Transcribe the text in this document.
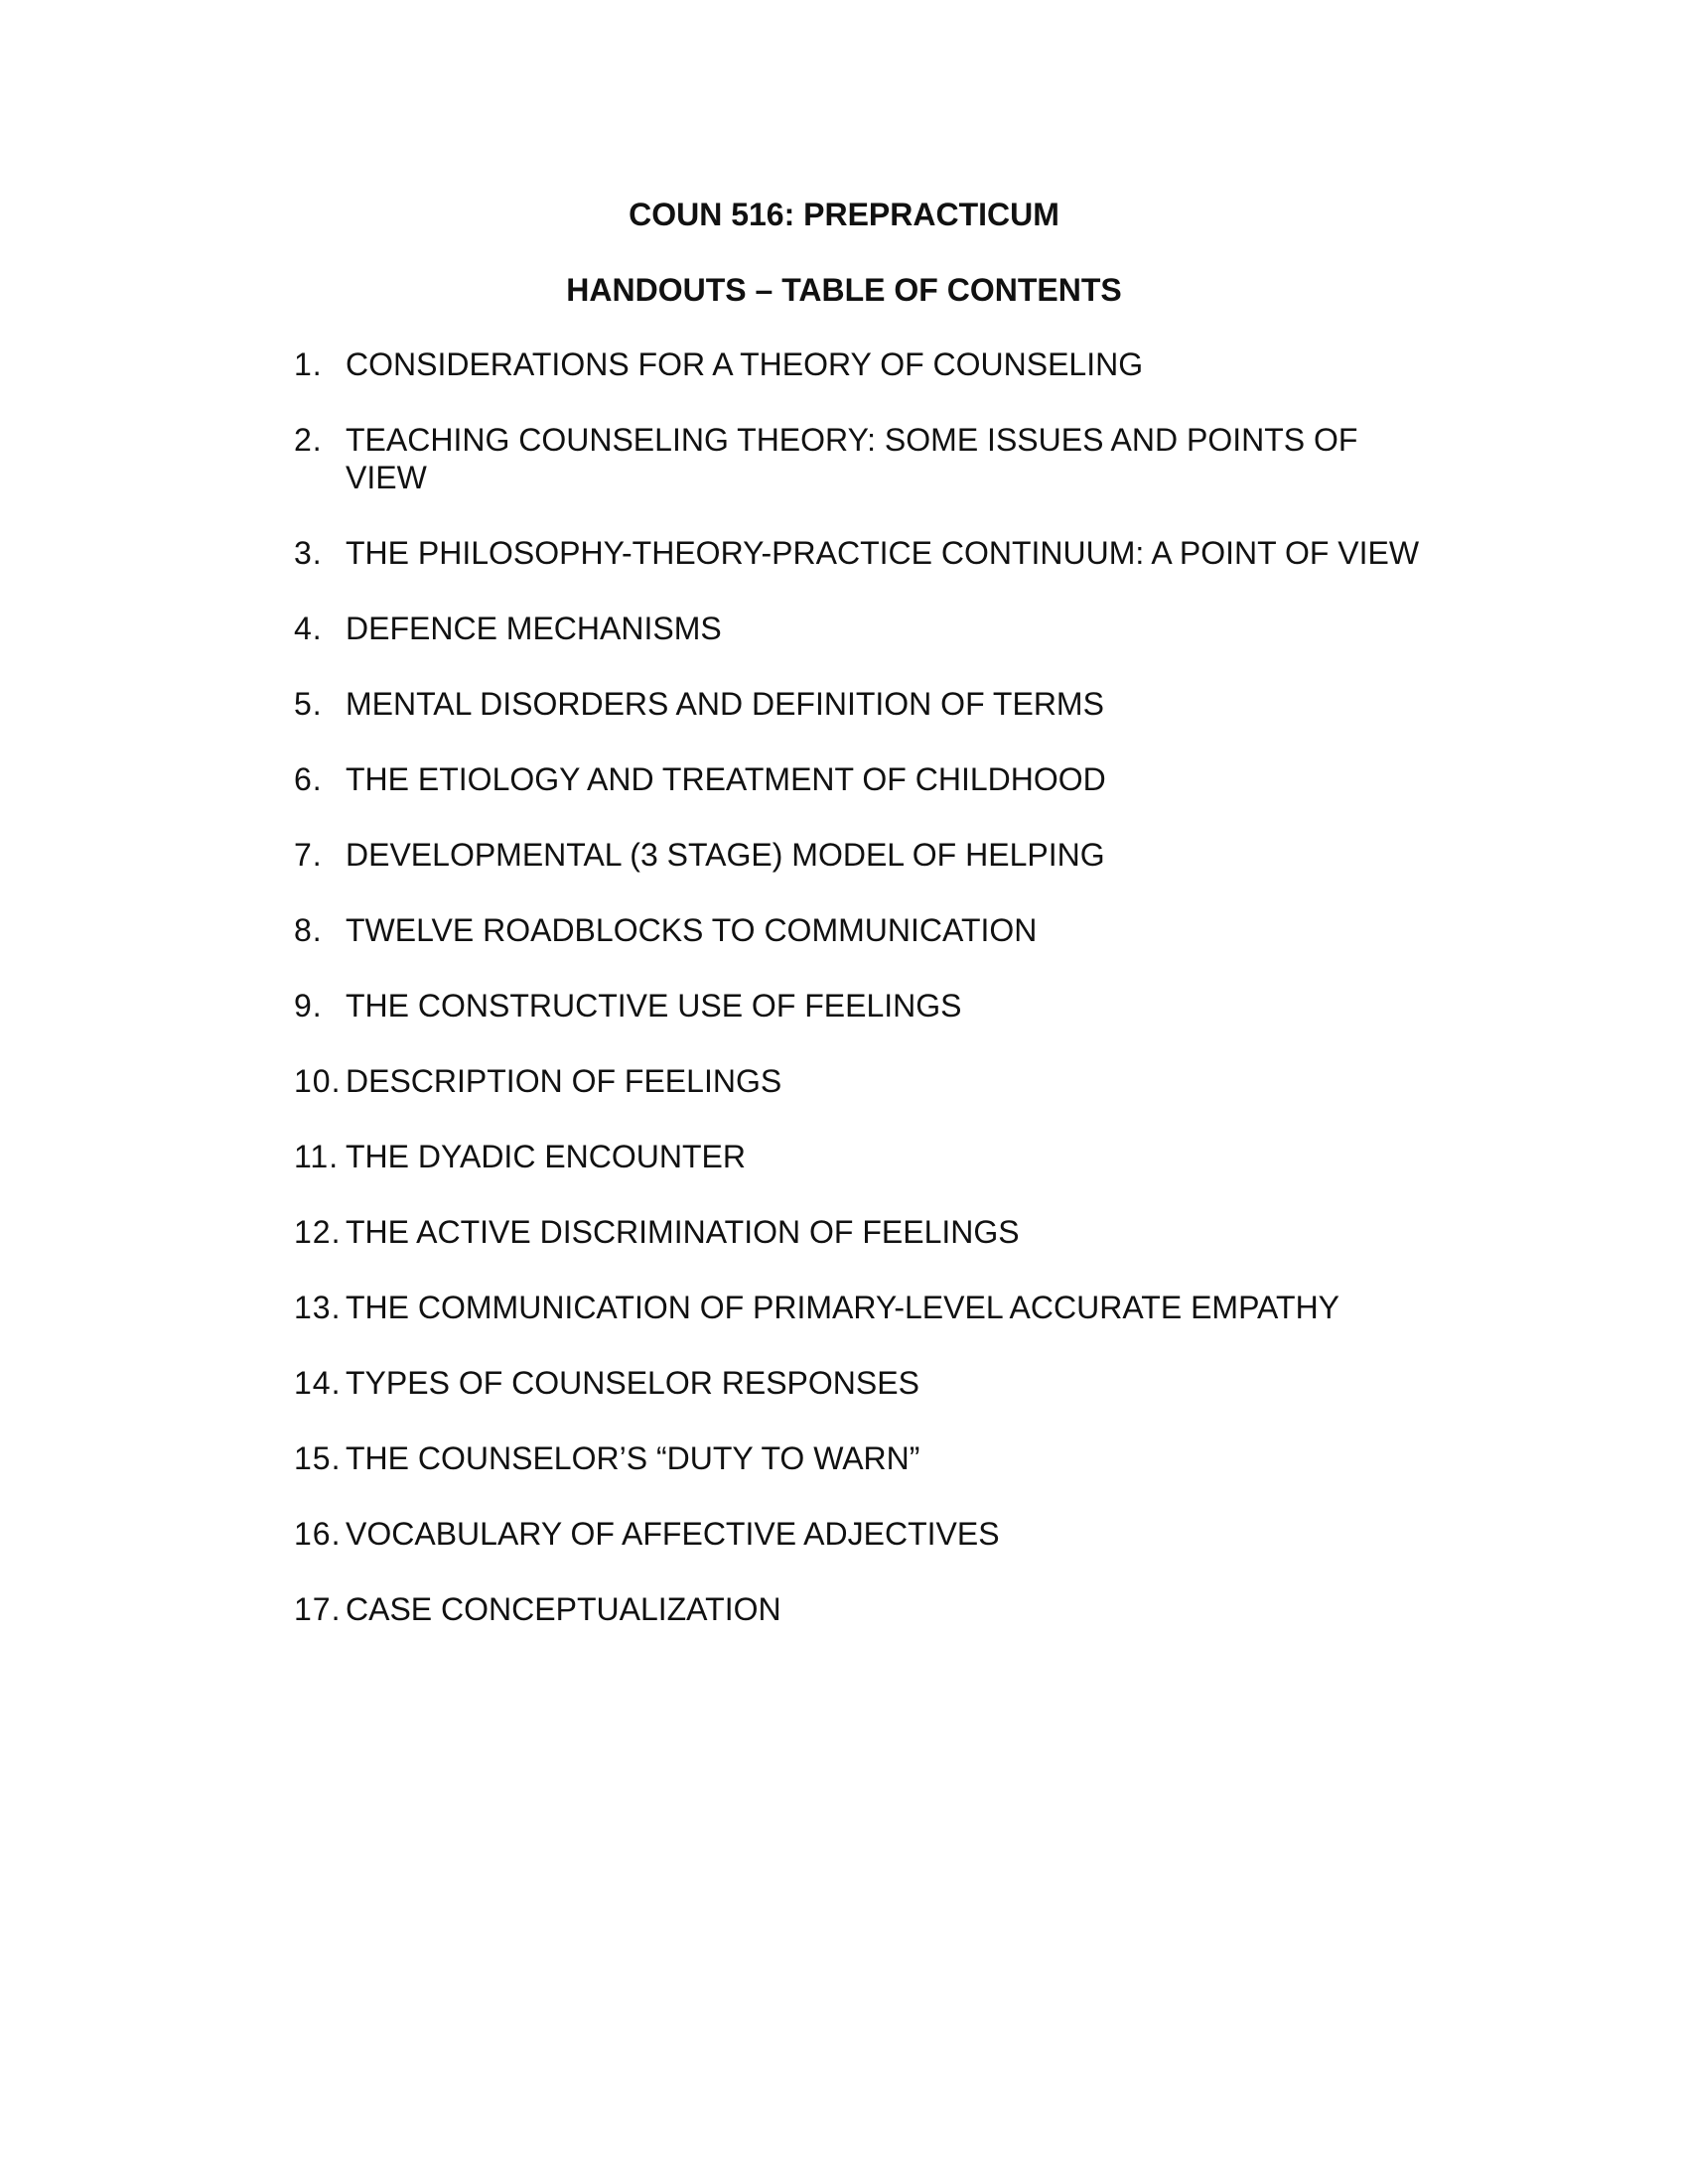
COUN 516: PREPRACTICUM
HANDOUTS – TABLE OF CONTENTS
1. CONSIDERATIONS FOR A THEORY OF COUNSELING
2. TEACHING COUNSELING THEORY: SOME ISSUES AND POINTS OF VIEW
3. THE PHILOSOPHY-THEORY-PRACTICE CONTINUUM: A POINT OF VIEW
4. DEFENCE MECHANISMS
5. MENTAL DISORDERS AND DEFINITION OF TERMS
6. THE ETIOLOGY AND TREATMENT OF CHILDHOOD
7. DEVELOPMENTAL (3 STAGE) MODEL OF HELPING
8. TWELVE ROADBLOCKS TO COMMUNICATION
9. THE CONSTRUCTIVE USE OF FEELINGS
10. DESCRIPTION OF FEELINGS
11. THE DYADIC ENCOUNTER
12. THE ACTIVE DISCRIMINATION OF FEELINGS
13. THE COMMUNICATION OF PRIMARY-LEVEL ACCURATE EMPATHY
14. TYPES OF COUNSELOR RESPONSES
15. THE COUNSELOR’S “DUTY TO WARN”
16. VOCABULARY OF AFFECTIVE ADJECTIVES
17. CASE CONCEPTUALIZATION
